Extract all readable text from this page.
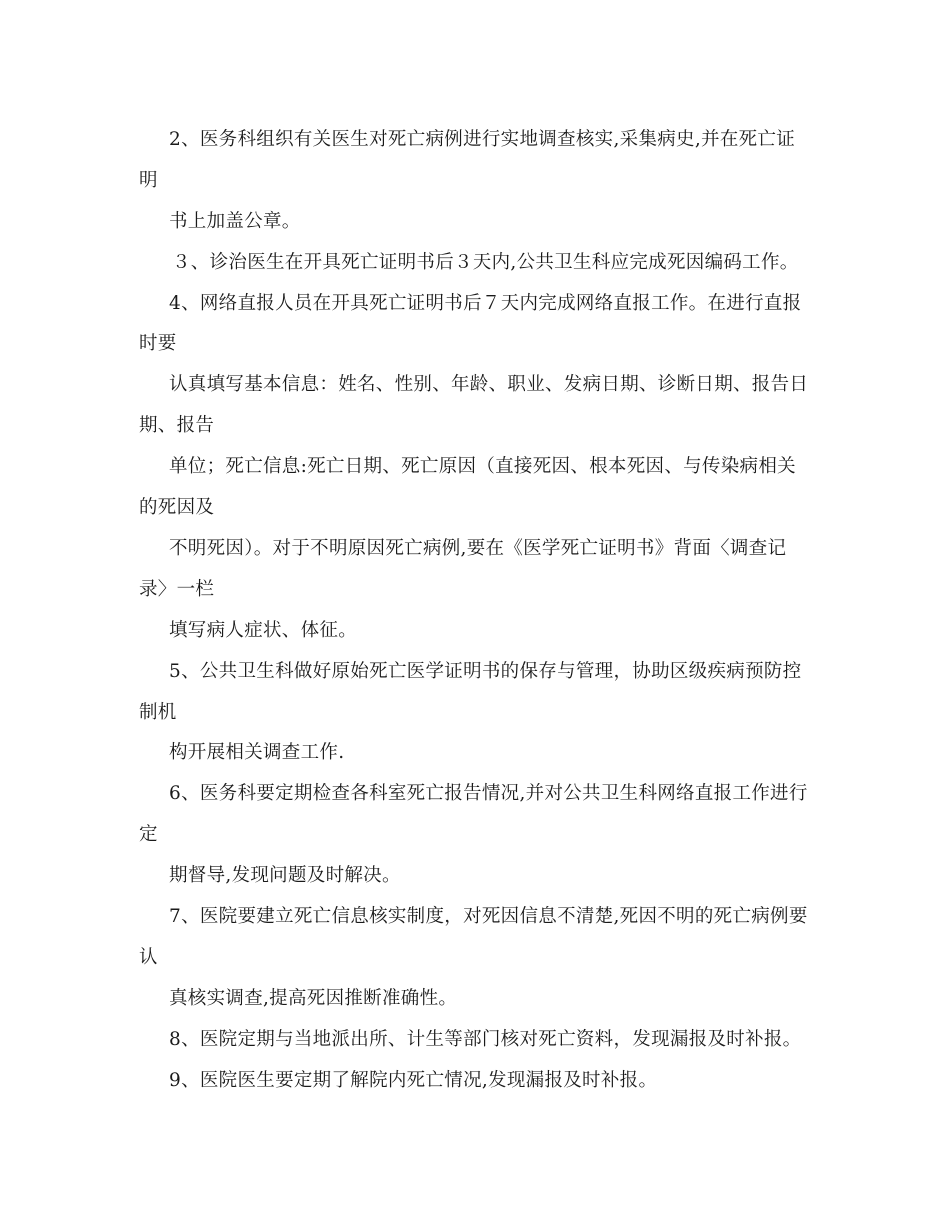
2、医务科组织有关医生对死亡病例进行实地调查核实,采集病史,并在死亡证
明
书上加盖公章。
３、诊治医生在开具死亡证明书后３天内,公共卫生科应完成死因编码工作。
4、网络直报人员在开具死亡证明书后７天内完成网络直报工作。在进行直报
时要
认真填写基本信息：姓名、性别、年龄、职业、发病日期、诊断日期、报告日
期、报告
单位；死亡信息:死亡日期、死亡原因（直接死因、根本死因、与传染病相关
的死因及
不明死因）。对于不明原因死亡病例,要在《医学死亡证明书》背面〈调查记
录〉一栏
填写病人症状、体征。
5、公共卫生科做好原始死亡医学证明书的保存与管理，协助区级疾病预防控
制机
构开展相关调查工作.
6、医务科要定期检查各科室死亡报告情况,并对公共卫生科网络直报工作进行
定
期督导,发现问题及时解决。
7、医院要建立死亡信息核实制度，对死因信息不清楚,死因不明的死亡病例要
认
真核实调查,提高死因推断准确性。
8、医院定期与当地派出所、计生等部门核对死亡资料，发现漏报及时补报。
9、医院医生要定期了解院内死亡情况,发现漏报及时补报。
